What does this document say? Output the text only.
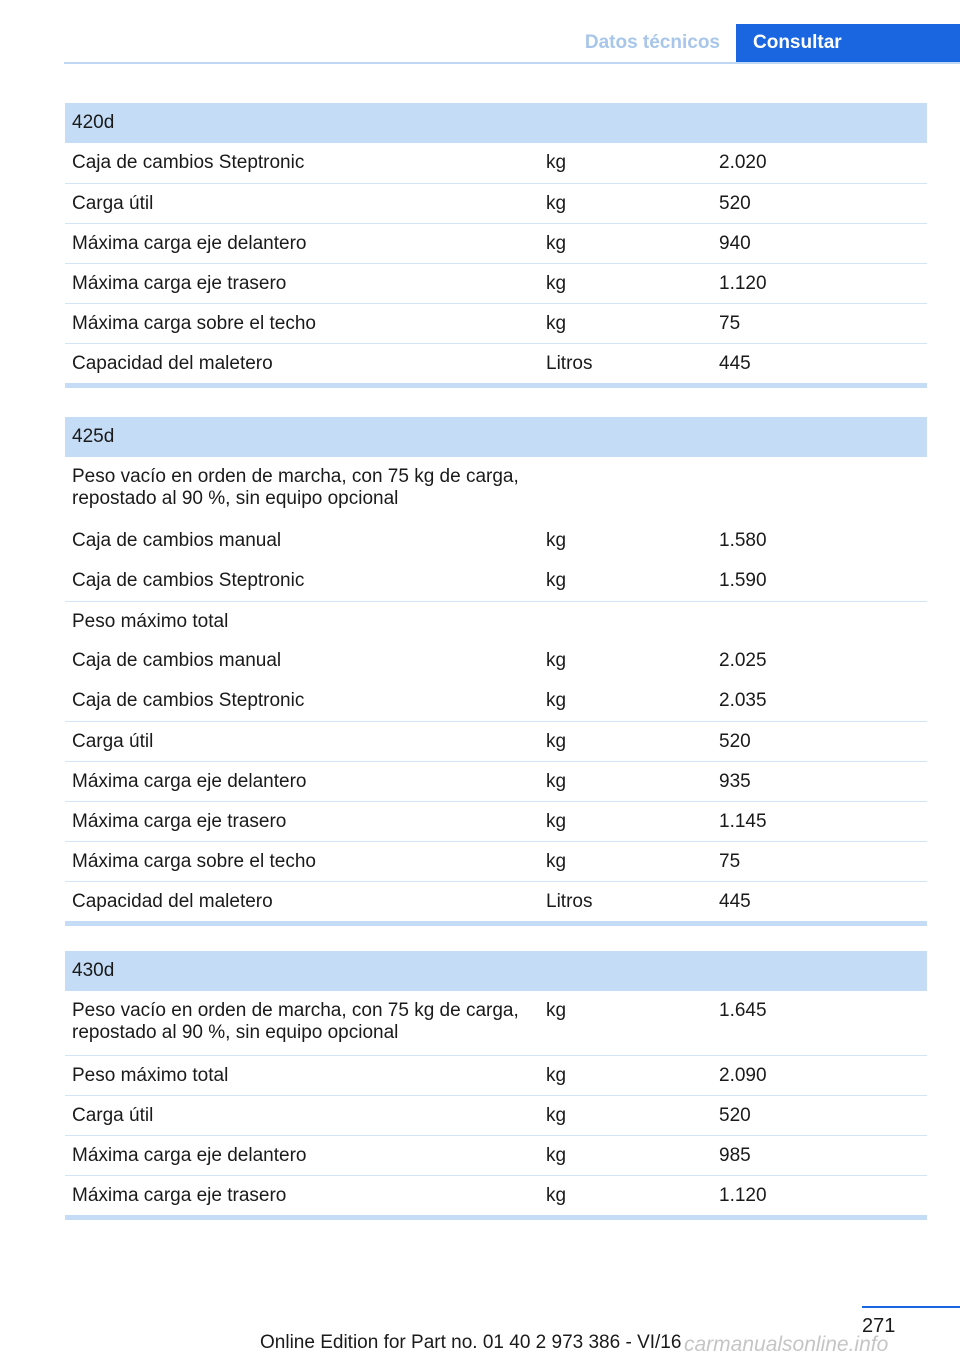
Datos técnicos	Consultar
420d		
Caja de cambios Steptronic	kg	2.020
Carga útil	kg	520
Máxima carga eje delantero	kg	940
Máxima carga eje trasero	kg	1.120
Máxima carga sobre el techo	kg	75
Capacidad del maletero	Litros	445
425d		
Peso vacío en orden de marcha, con 75 kg de carga, repostado al 90 %, sin equipo opcional		
Caja de cambios manual	kg	1.580
Caja de cambios Steptronic	kg	1.590
Peso máximo total		
Caja de cambios manual	kg	2.025
Caja de cambios Steptronic	kg	2.035
Carga útil	kg	520
Máxima carga eje delantero	kg	935
Máxima carga eje trasero	kg	1.145
Máxima carga sobre el techo	kg	75
Capacidad del maletero	Litros	445
430d		
Peso vacío en orden de marcha, con 75 kg de carga, repostado al 90 %, sin equipo opcional	kg	1.645
Peso máximo total	kg	2.090
Carga útil	kg	520
Máxima carga eje delantero	kg	985
Máxima carga eje trasero	kg	1.120
271
Online Edition for Part no. 01 40 2 973 386 - VI/16 carmanualsonline.info
